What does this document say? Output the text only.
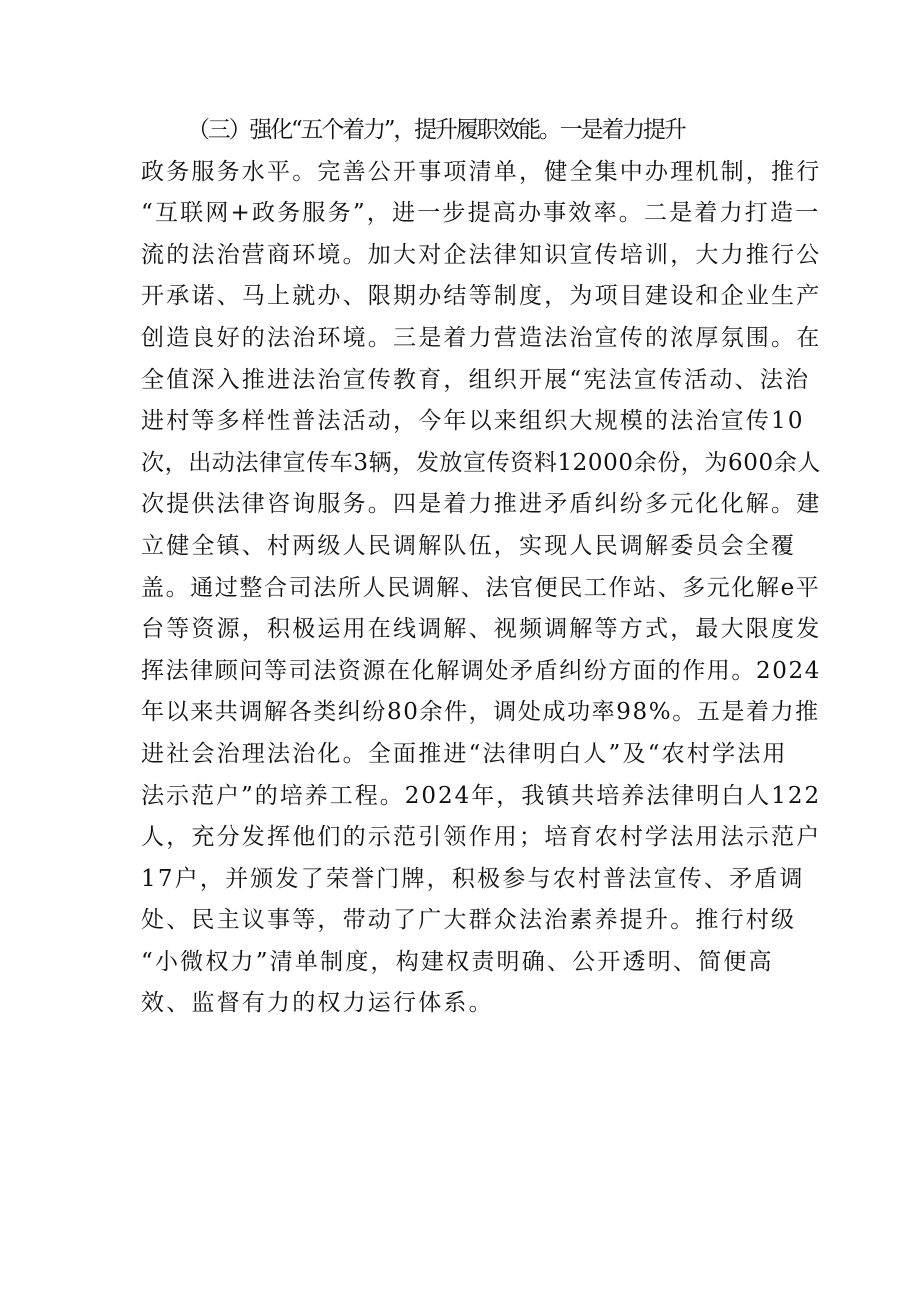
（三）强化“五个着力”，提升履职效能。一是着力提升
政务服务水平。完善公开事项清单，健全集中办理机制，推行
“互联网+政务服务”，进一步提高办事效率。二是着力打造一
流的法治营商环境。加大对企法律知识宣传培训，大力推行公
开承诺、马上就办、限期办结等制度，为项目建设和企业生产
创造良好的法治环境。三是着力营造法治宣传的浓厚氛围。在
全值深入推进法治宣传教育，组织开展“宪法宣传活动、法治
进村等多样性普法活动，今年以来组织大规模的法治宣传10
次，出动法律宣传车3辆，发放宣传资料12000余份，为600余人
次提供法律咨询服务。四是着力推进矛盾纠纷多元化化解。建
立健全镇、村两级人民调解队伍，实现人民调解委员会全覆
盖。通过整合司法所人民调解、法官便民工作站、多元化解e平
台等资源，积极运用在线调解、视频调解等方式，最大限度发
挥法律顾问等司法资源在化解调处矛盾纠纷方面的作用。2024
年以来共调解各类纠纷80余件，调处成功率98%。五是着力推
进社会治理法治化。全面推进“法律明白人”及“农村学法用
法示范户”的培养工程。2024年，我镇共培养法律明白人122
人，充分发挥他们的示范引领作用；培育农村学法用法示范户
17户，并颁发了荣誉门牌，积极参与农村普法宣传、矛盾调
处、民主议事等，带动了广大群众法治素养提升。推行村级
“小微权力”清单制度，构建权责明确、公开透明、简便高
效、监督有力的权力运行体系。
